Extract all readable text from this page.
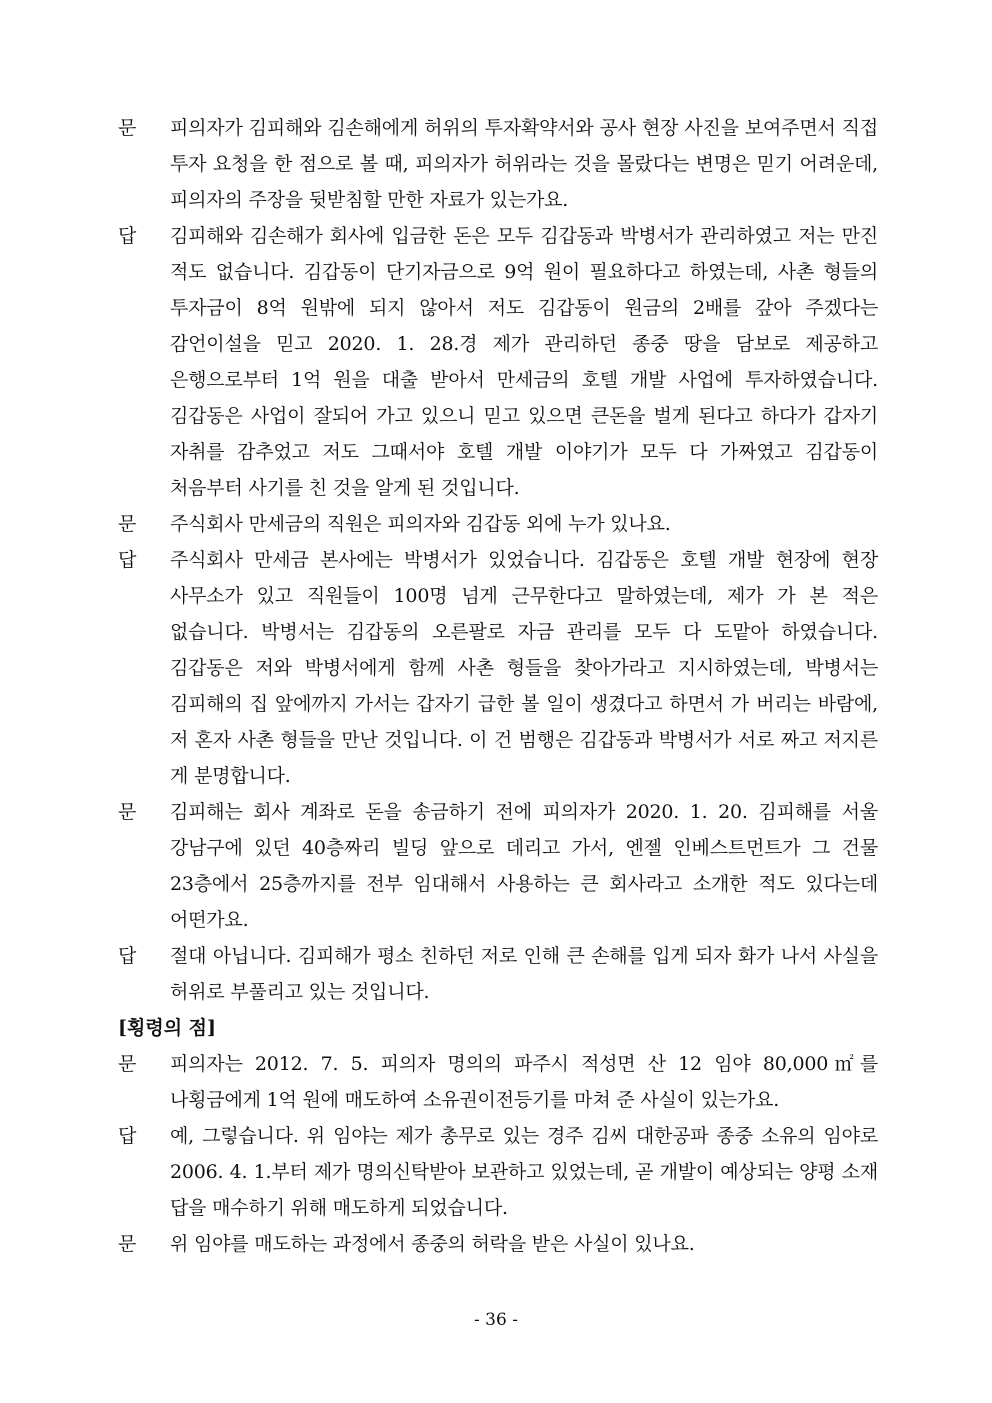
문	피의자가 김피해와 김손해에게 허위의 투자확약서와 공사 현장 사진을 보여주면서 직접 투자 요청을 한 점으로 볼 때, 피의자가 허위라는 것을 몰랐다는 변명은 믿기 어려운데, 피의자의 주장을 뒷받침할 만한 자료가 있는가요.
답	김피해와 김손해가 회사에 입금한 돈은 모두 김갑동과 박병서가 관리하였고 저는 만진 적도 없습니다. 김갑동이 단기자금으로 9억 원이 필요하다고 하였는데, 사촌 형들의 투자금이 8억 원밖에 되지 않아서 저도 김갑동이 원금의 2배를 갚아 주겠다는 감언이설을 믿고 2020. 1. 28.경 제가 관리하던 종중 땅을 담보로 제공하고 은행으로부터 1억 원을 대출 받아서 만세금의 호텔 개발 사업에 투자하였습니다. 김갑동은 사업이 잘되어 가고 있으니 믿고 있으면 큰돈을 벌게 된다고 하다가 갑자기 자취를 감추었고 저도 그때서야 호텔 개발 이야기가 모두 다 가짜였고 김갑동이 처음부터 사기를 친 것을 알게 된 것입니다.
문	주식회사 만세금의 직원은 피의자와 김갑동 외에 누가 있나요.
답	주식회사 만세금 본사에는 박병서가 있었습니다. 김갑동은 호텔 개발 현장에 현장 사무소가 있고 직원들이 100명 넘게 근무한다고 말하였는데, 제가 가 본 적은 없습니다. 박병서는 김갑동의 오른팔로 자금 관리를 모두 다 도맡아 하였습니다. 김갑동은 저와 박병서에게 함께 사촌 형들을 찾아가라고 지시하였는데, 박병서는 김피해의 집 앞에까지 가서는 갑자기 급한 볼 일이 생겼다고 하면서 가 버리는 바람에, 저 혼자 사촌 형들을 만난 것입니다. 이 건 범행은 김갑동과 박병서가 서로 짜고 저지른 게 분명합니다.
문	김피해는 회사 계좌로 돈을 송금하기 전에 피의자가 2020. 1. 20. 김피해를 서울 강남구에 있던 40층짜리 빌딩 앞으로 데리고 가서, 엔젤 인베스트먼트가 그 건물 23층에서 25층까지를 전부 임대해서 사용하는 큰 회사라고 소개한 적도 있다는데 어떤가요.
답	절대 아닙니다. 김피해가 평소 친하던 저로 인해 큰 손해를 입게 되자 화가 나서 사실을 허위로 부풀리고 있는 것입니다.
[횡령의 점]
문	피의자는 2012. 7. 5. 피의자 명의의 파주시 적성면 산 12 임야 80,000㎡를 나횡금에게 1억 원에 매도하여 소유권이전등기를 마쳐 준 사실이 있는가요.
답	예, 그렇습니다. 위 임야는 제가 총무로 있는 경주 김씨 대한공파 종중 소유의 임야로 2006. 4. 1.부터 제가 명의신탁받아 보관하고 있었는데, 곧 개발이 예상되는 양평 소재 답을 매수하기 위해 매도하게 되었습니다.
문	위 임야를 매도하는 과정에서 종중의 허락을 받은 사실이 있나요.
- 36 -
